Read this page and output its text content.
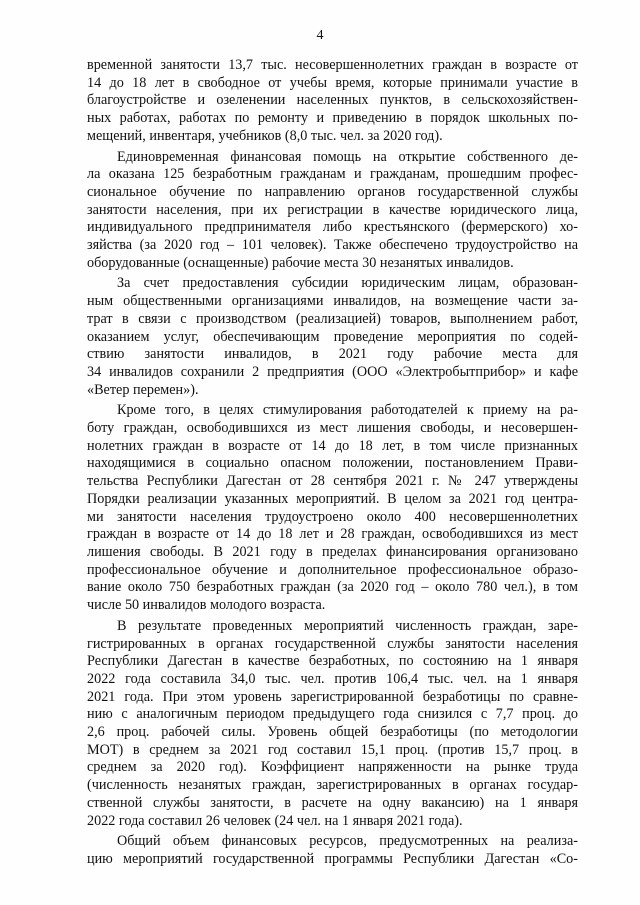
4
временной занятости 13,7 тыс. несовершеннолетних граждан в возрасте от
14 до 18 лет в свободное от учебы время, которые принимали участие в
благоустройстве и озеленении населенных пунктов, в сельскохозяйствен-
ных работах, работах по ремонту и приведению в порядок школьных по-
мещений, инвентаря, учебников (8,0 тыс. чел. за 2020 год).
Единовременная финансовая помощь на открытие собственного де-
ла оказана 125 безработным гражданам и гражданам, прошедшим профес-
сиональное обучение по направлению органов государственной службы
занятости населения, при их регистрации в качестве юридического лица,
индивидуального предпринимателя либо крестьянского (фермерского) хо-
зяйства (за 2020 год – 101 человек). Также обеспечено трудоустройство на
оборудованные (оснащенные) рабочие места 30 незанятых инвалидов.
За счет предоставления субсидии юридическим лицам, образован-
ным общественными организациями инвалидов, на возмещение части за-
трат в связи с производством (реализацией) товаров, выполнением работ,
оказанием услуг, обеспечивающим проведение мероприятия по содей-
ствию занятости инвалидов, в 2021 году рабочие места для
34 инвалидов сохранили 2 предприятия (ООО «Электробытприбор» и кафе
«Ветер перемен»).
Кроме того, в целях стимулирования работодателей к приему на ра-
боту граждан, освободившихся из мест лишения свободы, и несовершен-
нолетних граждан в возрасте от 14 до 18 лет, в том числе признанных
находящимися в социально опасном положении, постановлением Прави-
тельства Республики Дагестан от 28 сентября 2021 г. № 247 утверждены
Порядки реализации указанных мероприятий. В целом за 2021 год центра-
ми занятости населения трудоустроено около 400 несовершеннолетних
граждан в возрасте от 14 до 18 лет и 28 граждан, освободившихся из мест
лишения свободы. В 2021 году в пределах финансирования организовано
профессиональное обучение и дополнительное профессиональное образо-
вание около 750 безработных граждан (за 2020 год – около 780 чел.), в том
числе 50 инвалидов молодого возраста.
В результате проведенных мероприятий численность граждан, заре-
гистрированных в органах государственной службы занятости населения
Республики Дагестан в качестве безработных, по состоянию на 1 января
2022 года составила 34,0 тыс. чел. против 106,4 тыс. чел. на 1 января
2021 года. При этом уровень зарегистрированной безработицы по сравне-
нию с аналогичным периодом предыдущего года снизился с 7,7 проц. до
2,6 проц. рабочей силы. Уровень общей безработицы (по методологии
МОТ) в среднем за 2021 год составил 15,1 проц. (против 15,7 проц. в
среднем за 2020 год). Коэффициент напряженности на рынке труда
(численность незанятых граждан, зарегистрированных в органах государ-
ственной службы занятости, в расчете на одну вакансию) на 1 января
2022 года составил 26 человек (24 чел. на 1 января 2021 года).
Общий объем финансовых ресурсов, предусмотренных на реализа-
цию мероприятий государственной программы Республики Дагестан «Со-
